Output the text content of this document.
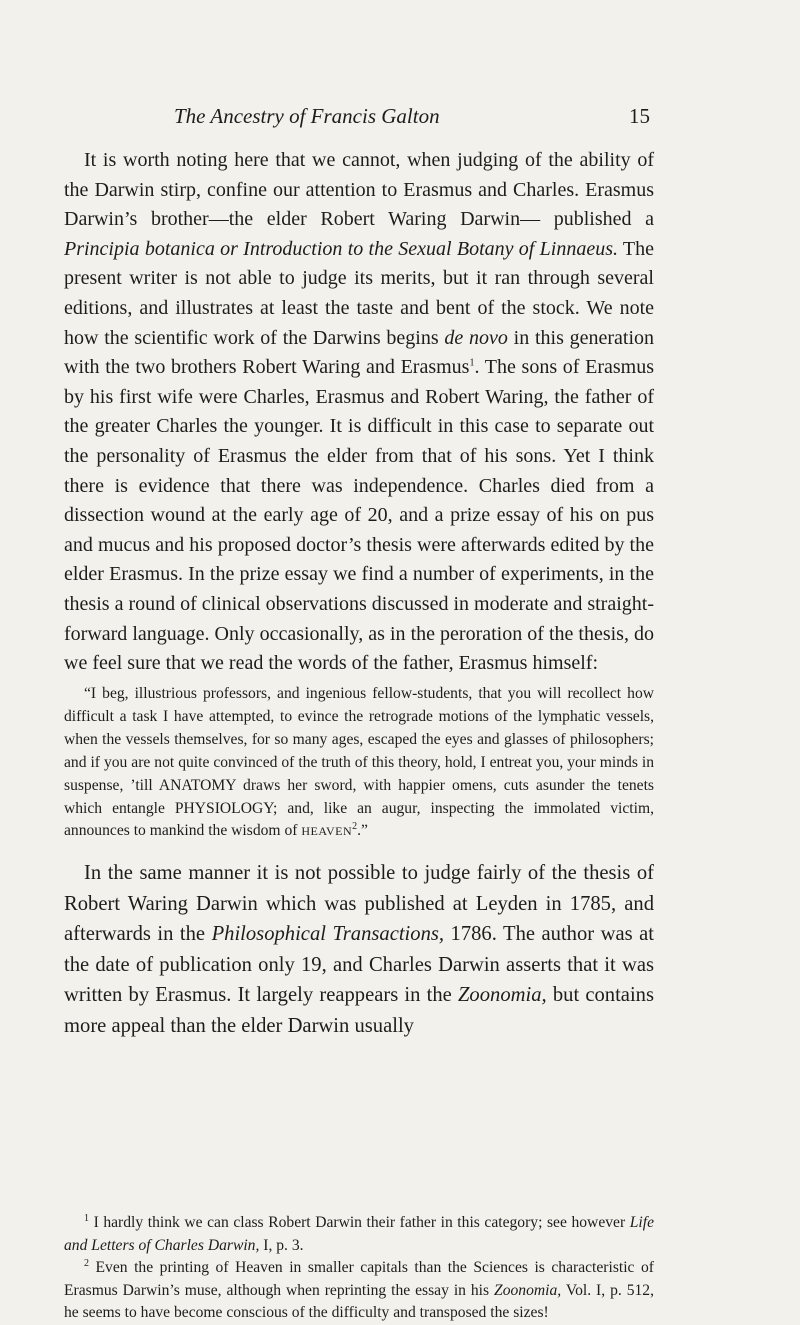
The Ancestry of Francis Galton	15

It is worth noting here that we cannot, when judging of the ability of the Darwin stirp, confine our attention to Erasmus and Charles. Erasmus Darwin’s brother—the elder Robert Waring Darwin— published a Principia botanica or Introduction to the Sexual Botany of Linnaeus. The present writer is not able to judge its merits, but it ran through several editions, and illustrates at least the taste and bent of the stock. We note how the scientific work of the Darwins begins de novo in this generation with the two brothers Robert Waring and Erasmus$^1$. The sons of Erasmus by his first wife were Charles, Erasmus and Robert Waring, the father of the greater Charles the younger. It is difficult in this case to separate out the personality of Erasmus the elder from that of his sons. Yet I think there is evidence that there was independence. Charles died from a dissection wound at the early age of 20, and a prize essay of his on pus and mucus and his proposed doctor’s thesis were afterwards edited by the elder Erasmus. In the prize essay we find a number of experiments, in the thesis a round of clinical observations discussed in moderate and straight-forward language. Only occasionally, as in the peroration of the thesis, do we feel sure that we read the words of the father, Erasmus himself:

“I beg, illustrious professors, and ingenious fellow-students, that you will recollect how difficult a task I have attempted, to evince the retrograde motions of the lymphatic vessels, when the vessels themselves, for so many ages, escaped the eyes and glasses of philosophers; and if you are not quite convinced of the truth of this theory, hold, I entreat you, your minds in suspense, ’till ANATOMY draws her sword, with happier omens, cuts asunder the tenets which entangle PHYSIOLOGY; and, like an augur, inspecting the immolated victim, announces to mankind the wisdom of HEAVEN$^2$.”
In the same manner it is not possible to judge fairly of the thesis of Robert Waring Darwin which was published at Leyden in 1785, and afterwards in the Philosophical Transactions, 1786. The author was at the date of publication only 19, and Charles Darwin asserts that it was written by Erasmus. It largely reappears in the Zoonomia, but contains more appeal than the elder Darwin usually

$^1$ I hardly think we can class Robert Darwin their father in this category; see however Life and Letters of Charles Darwin, I, p. 3.

$^2$ Even the printing of Heaven in smaller capitals than the Sciences is characteristic of Erasmus Darwin’s muse, although when reprinting the essay in his Zoonomia, Vol. I, p. 512, he seems to have become conscious of the difficulty and transposed the sizes!
